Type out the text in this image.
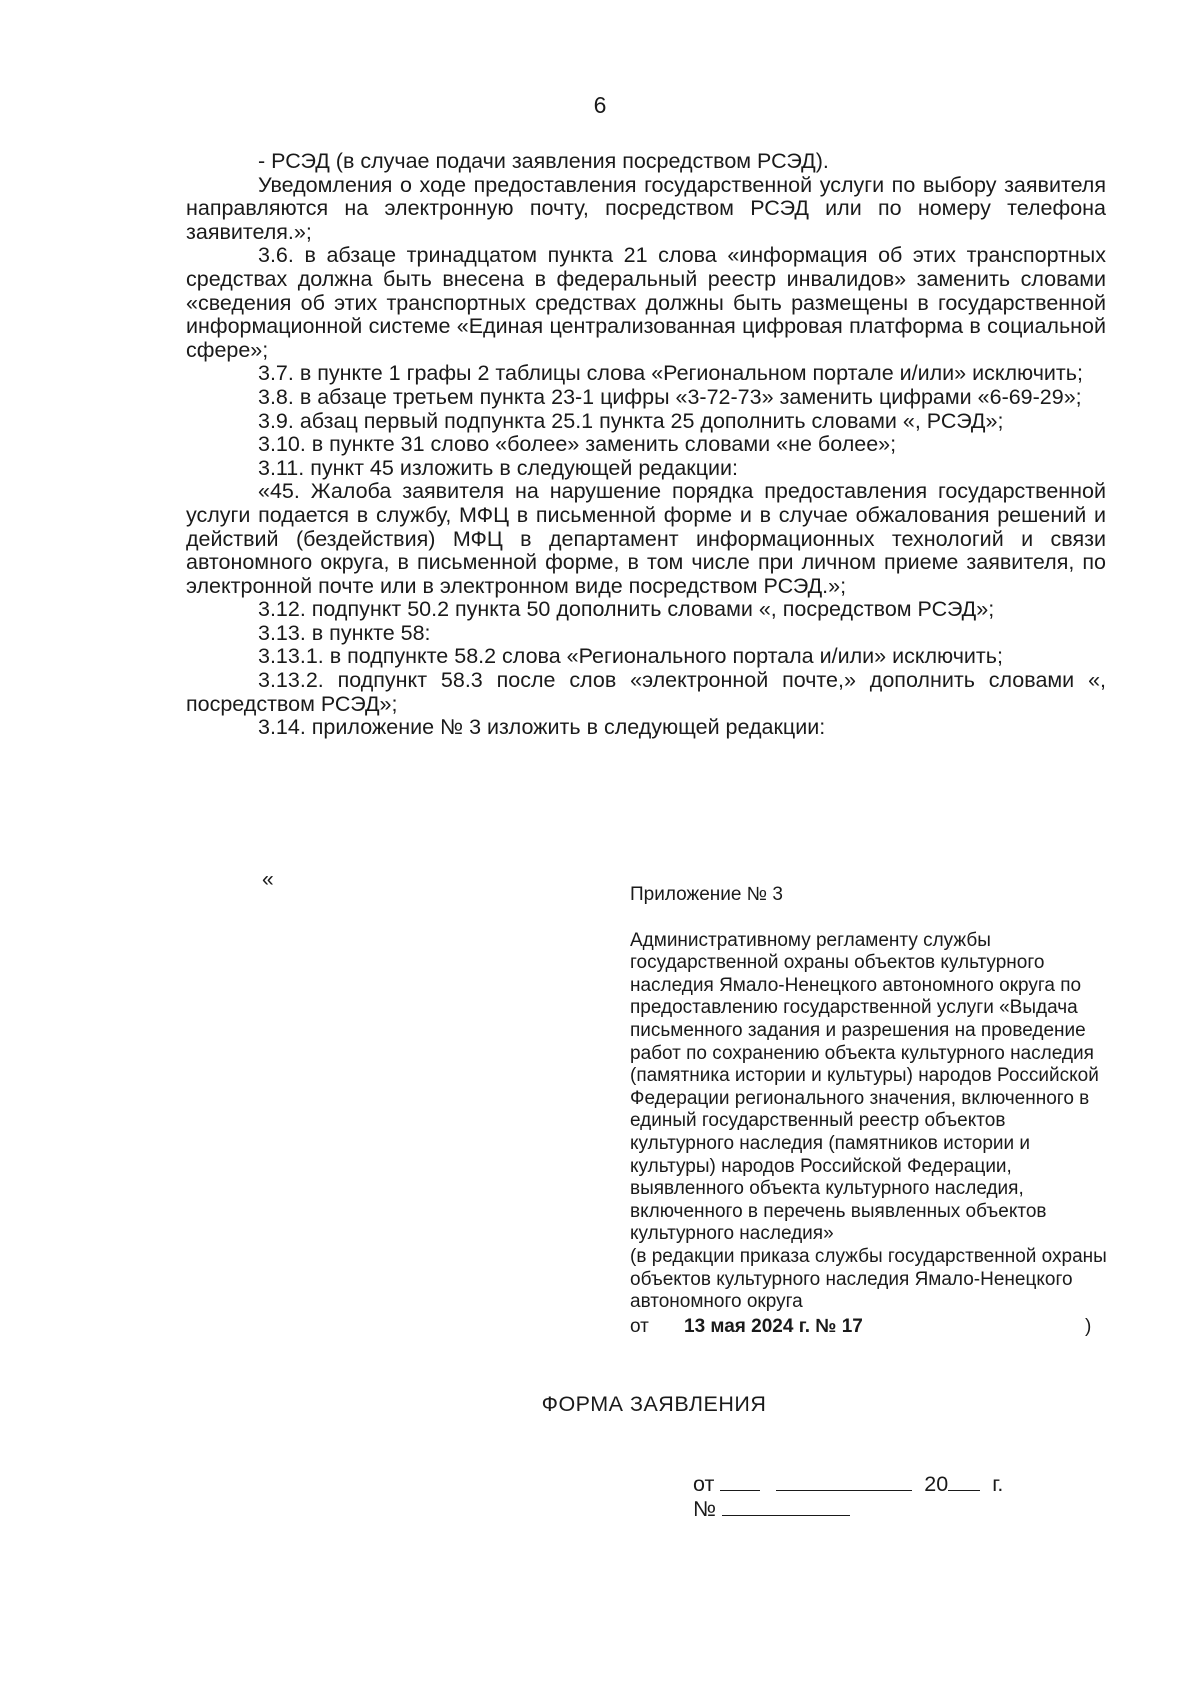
6

- РСЭД (в случае подачи заявления посредством РСЭД).

Уведомления о ходе предоставления государственной услуги по выбору заявителя направляются на электронную почту, посредством РСЭД или по номеру телефона заявителя.»;

3.6. в абзаце тринадцатом пункта 21 слова «информация об этих транспортных средствах должна быть внесена в федеральный реестр инвалидов» заменить словами «сведения об этих транспортных средствах должны быть размещены в государственной информационной системе «Единая централизованная цифровая платформа в социальной сфере»;

3.7. в пункте 1 графы 2 таблицы слова «Региональном портале и/или» исключить;

3.8. в абзаце третьем пункта 23-1 цифры «3-72-73» заменить цифрами «6-69-29»;

3.9. абзац первый подпункта 25.1 пункта 25 дополнить словами «, РСЭД»;

3.10. в пункте 31 слово «более» заменить словами «не более»;

3.11. пункт 45 изложить в следующей редакции:

«45. Жалоба заявителя на нарушение порядка предоставления государственной услуги подается в службу, МФЦ в письменной форме и в случае обжалования решений и действий (бездействия) МФЦ в департамент информационных технологий и связи автономного округа, в письменной форме, в том числе при личном приеме заявителя, по электронной почте или в электронном виде посредством РСЭД.»;

3.12. подпункт 50.2 пункта 50 дополнить словами «, посредством РСЭД»;

3.13. в пункте 58:

3.13.1. в подпункте 58.2 слова «Регионального портала и/или» исключить;

3.13.2. подпункт 58.3 после слов «электронной почте,» дополнить словами «, посредством РСЭД»;

3.14. приложение № 3 изложить в следующей редакции:

«
Приложение № 3
Административному регламенту службы государственной охраны объектов культурного наследия Ямало-Ненецкого автономного округа по предоставлению государственной услуги «Выдача письменного задания и разрешения на проведение работ по сохранению объекта культурного наследия (памятника истории и культуры) народов Российской Федерации регионального значения, включенного в единый государственный реестр объектов культурного наследия (памятников истории и культуры) народов Российской Федерации, выявленного объекта культурного наследия, включенного в перечень выявленных объектов культурного наследия»
(в редакции приказа службы государственной охраны объектов культурного наследия Ямало-Ненецкого автономного округа
от 13 мая 2024 г. № 17	)
ФОРМА ЗАЯВЛЕНИЯ
от	20 г.
№
